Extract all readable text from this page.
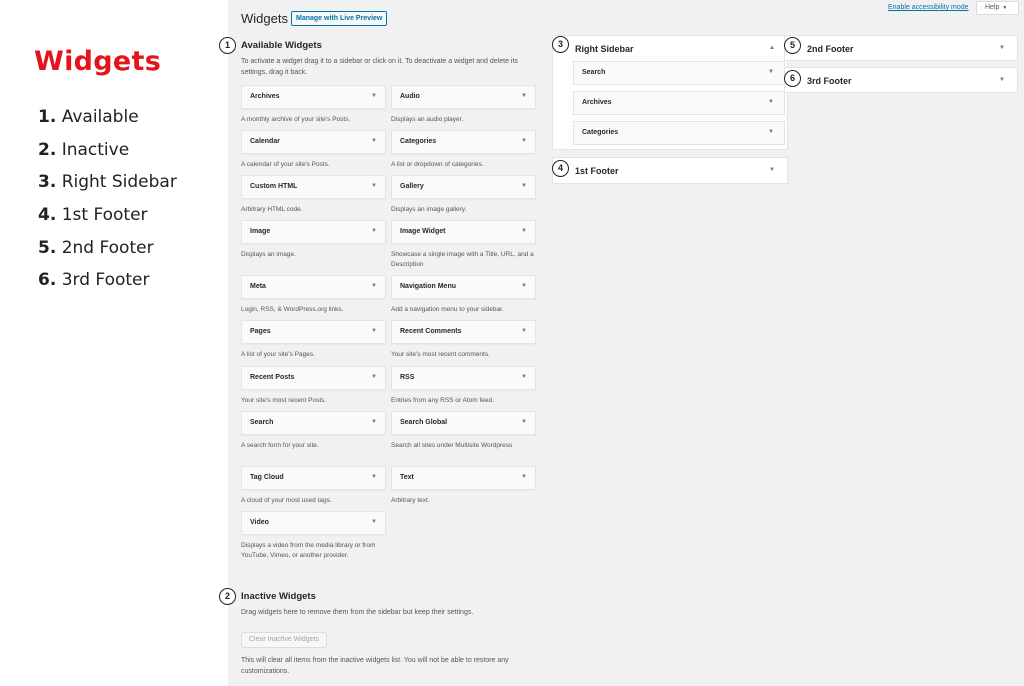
Widgets
1. Available
2. Inactive
3. Right Sidebar
4. 1st Footer
5. 2nd Footer
6. 3rd Footer
Widgets	Manage with Live Preview
Enable accessibility mode	Help ▼
1	Available Widgets
To activate a widget drag it to a sidebar or click on it. To deactivate a widget and delete its settings, drag it back.
Archives	▼
A monthly archive of your site's Posts.
Audio	▼
Displays an audio player.
Calendar	▼
A calendar of your site's Posts.
Categories	▼
A list or dropdown of categories.
Custom HTML	▼
Arbitrary HTML code.
Gallery	▼
Displays an image gallery.
Image	▼
Displays an image.
Image Widget	▼
Showcase a single image with a Title, URL, and a Description
Meta	▼
Login, RSS, & WordPress.org links.
Navigation Menu	▼
Add a navigation menu to your sidebar.
Pages	▼
A list of your site's Pages.
Recent Comments	▼
Your site's most recent comments.
Recent Posts	▼
Your site's most recent Posts.
RSS	▼
Entries from any RSS or Atom feed.
Search	▼
A search form for your site.
Search Global	▼
Search all sites under Multisite Wordpress
Tag Cloud	▼
A cloud of your most used tags.
Text	▼
Arbitrary text.
Video	▼
Displays a video from the media library or from YouTube, Vimeo, or another provider.
2	Inactive Widgets
Drag widgets here to remove them from the sidebar but keep their settings.
Clear Inactive Widgets
This will clear all items from the inactive widgets list. You will not be able to restore any customizations.
Right Sidebar	▲
Search	▼
Archives	▼
Categories	▼
3
1st Footer	▼
4
2nd Footer	▼
5
3rd Footer	▼
6
